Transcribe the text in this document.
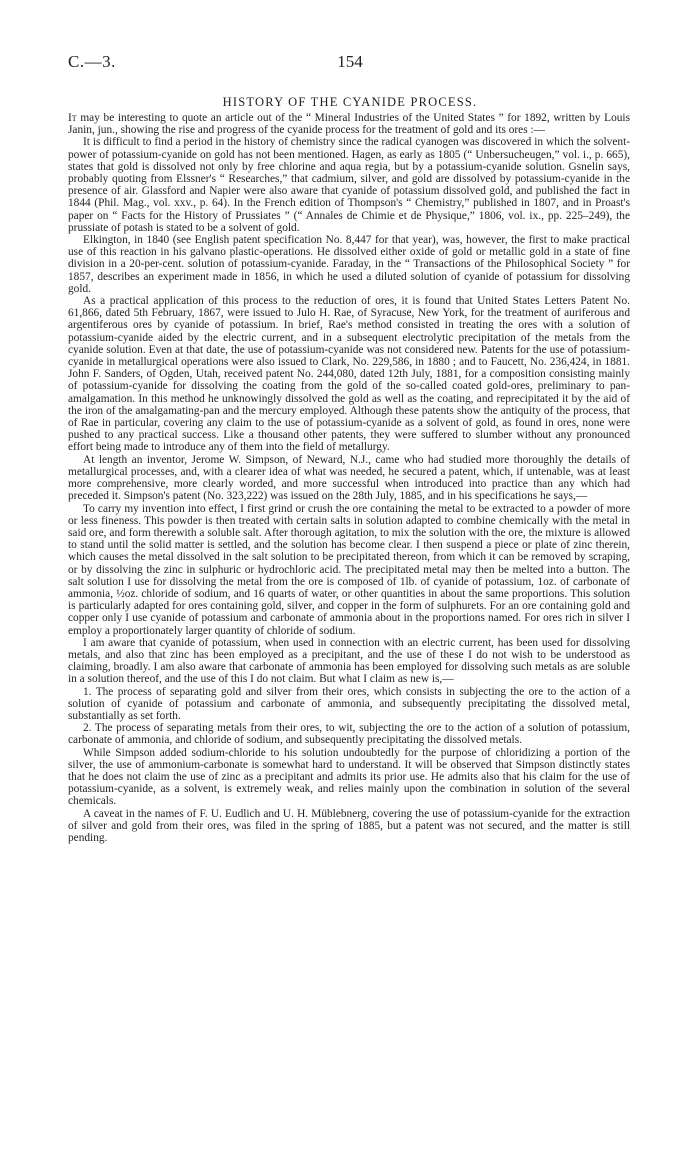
C.—3.	154
HISTORY OF THE CYANIDE PROCESS.

It may be interesting to quote an article out of the “ Mineral Industries of the United States ” for 1892, written by Louis Janin, jun., showing the rise and progress of the cyanide process for the treatment of gold and its ores :—

It is difficult to find a period in the history of chemistry since the radical cyanogen was discovered in which the solvent-power of potassium-cyanide on gold has not been mentioned. Hagen, as early as 1805 (“ Unbersucheugen,” vol. i., p. 665), states that gold is dissolved not only by free chlorine and aqua regia, but by a potassium-cyanide solution. Gsnelin says, probably quoting from Elssner's “ Researches,” that cadmium, silver, and gold are dissolved by potassium-cyanide in the presence of air. Glassford and Napier were also aware that cyanide of potassium dissolved gold, and published the fact in 1844 (Phil. Mag., vol. xxv., p. 64). In the French edition of Thompson's “ Chemistry,” published in 1807, and in Proast's paper on “ Facts for the History of Prussiates ” (“ Annales de Chimie et de Physique,” 1806, vol. ix., pp. 225–249), the prussiate of potash is stated to be a solvent of gold.

Elkington, in 1840 (see English patent specification No. 8,447 for that year), was, however, the first to make practical use of this reaction in his galvano plastic-operations. He dissolved either oxide of gold or metallic gold in a state of fine division in a 20-per-cent. solution of potassium-cyanide. Faraday, in the “ Transactions of the Philosophical Society ” for 1857, describes an experiment made in 1856, in which he used a diluted solution of cyanide of potassium for dissolving gold.

As a practical application of this process to the reduction of ores, it is found that United States Letters Patent No. 61,866, dated 5th February, 1867, were issued to Julo H. Rae, of Syracuse, New York, for the treatment of auriferous and argentiferous ores by cyanide of potassium. In brief, Rae's method consisted in treating the ores with a solution of potassium-cyanide aided by the electric current, and in a subsequent electrolytic precipitation of the metals from the cyanide solution. Even at that date, the use of potassium-cyanide was not considered new. Patents for the use of potassium-cyanide in metallurgical operations were also issued to Clark, No. 229,586, in 1880 ; and to Faucett, No. 236,424, in 1881. John F. Sanders, of Ogden, Utah, received patent No. 244,080, dated 12th July, 1881, for a composition consisting mainly of potassium-cyanide for dissolving the coating from the gold of the so-called coated gold-ores, preliminary to pan-amalgamation. In this method he unknowingly dissolved the gold as well as the coating, and reprecipitated it by the aid of the iron of the amalgamating-pan and the mercury employed. Although these patents show the antiquity of the process, that of Rae in particular, covering any claim to the use of potassium-cyanide as a solvent of gold, as found in ores, none were pushed to any practical success. Like a thousand other patents, they were suffered to slumber without any pronounced effort being made to introduce any of them into the field of metallurgy.

At length an inventor, Jerome W. Simpson, of Neward, N.J., came who had studied more thoroughly the details of metallurgical processes, and, with a clearer idea of what was needed, he secured a patent, which, if untenable, was at least more comprehensive, more clearly worded, and more successful when introduced into practice than any which had preceded it. Simpson's patent (No. 323,222) was issued on the 28th July, 1885, and in his specifications he says,—

To carry my invention into effect, I first grind or crush the ore containing the metal to be extracted to a powder of more or less fineness. This powder is then treated with certain salts in solution adapted to combine chemically with the metal in said ore, and form therewith a soluble salt. After thorough agitation, to mix the solution with the ore, the mixture is allowed to stand until the solid matter is settled, and the solution has become clear. I then suspend a piece or plate of zinc therein, which causes the metal dissolved in the salt solution to be precipitated thereon, from which it can be removed by scraping, or by dissolving the zinc in sulphuric or hydrochloric acid. The precipitated metal may then be melted into a button. The salt solution I use for dissolving the metal from the ore is composed of 1lb. of cyanide of potassium, 1oz. of carbonate of ammonia, ½oz. chloride of sodium, and 16 quarts of water, or other quantities in about the same proportions. This solution is particularly adapted for ores containing gold, silver, and copper in the form of sulphurets. For an ore containing gold and copper only I use cyanide of potassium and carbonate of ammonia about in the proportions named. For ores rich in silver I employ a proportionately larger quantity of chloride of sodium.

I am aware that cyanide of potassium, when used in connection with an electric current, has been used for dissolving metals, and also that zinc has been employed as a precipitant, and the use of these I do not wish to be understood as claiming, broadly. I am also aware that carbonate of ammonia has been employed for dissolving such metals as are soluble in a solution thereof, and the use of this I do not claim. But what I claim as new is,—

1. The process of separating gold and silver from their ores, which consists in subjecting the ore to the action of a solution of cyanide of potassium and carbonate of ammonia, and subsequently precipitating the dissolved metal, substantially as set forth.

2. The process of separating metals from their ores, to wit, subjecting the ore to the action of a solution of potassium, carbonate of ammonia, and chloride of sodium, and subsequently precipitating the dissolved metals.

While Simpson added sodium-chloride to his solution undoubtedly for the purpose of chloridizing a portion of the silver, the use of ammonium-carbonate is somewhat hard to understand. It will be observed that Simpson distinctly states that he does not claim the use of zinc as a precipitant and admits its prior use. He admits also that his claim for the use of potassium-cyanide, as a solvent, is extremely weak, and relies mainly upon the combination in solution of the several chemicals.

A caveat in the names of F. U. Eudlich and U. H. Müblebnerg, covering the use of potassium-cyanide for the extraction of silver and gold from their ores, was filed in the spring of 1885, but a patent was not secured, and the matter is still pending.
